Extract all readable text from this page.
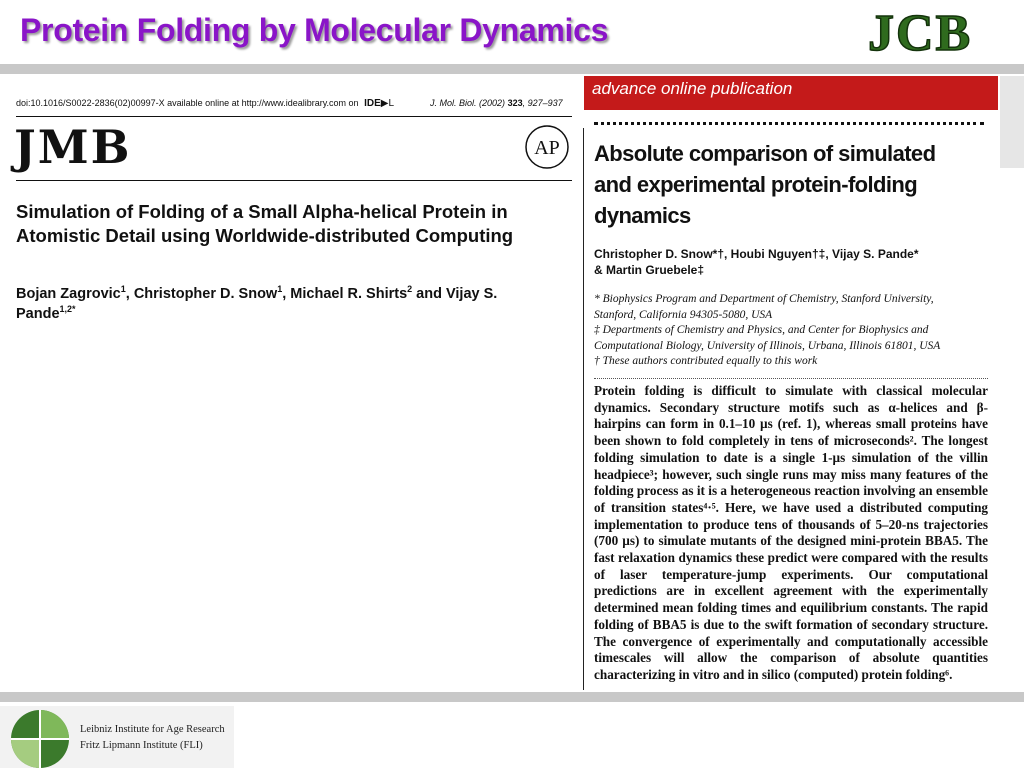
Protein Folding by Molecular Dynamics	JCB
doi:10.1016/S0022-2836(02)00997-X available online at http://www.idealibrary.com on IDE▶L	J. Mol. Biol. (2002) 323, 927–937
JMB	AP
Simulation of Folding of a Small Alpha-helical Protein in Atomistic Detail using Worldwide-distributed Computing
Bojan Zagrovic$^1$, Christopher D. Snow$^1$, Michael R. Shirts$^2$ and Vijay S. Pande$^{1,2*}$
advance online publication
Absolute comparison of simulated and experimental protein-folding dynamics
Christopher D. Snow*†, Houbi Nguyen†‡, Vijay S. Pande*
& Martin Gruebele‡
* Biophysics Program and Department of Chemistry, Stanford University,
Stanford, California 94305-5080, USA
‡ Departments of Chemistry and Physics, and Center for Biophysics and
Computational Biology, University of Illinois, Urbana, Illinois 61801, USA
† These authors contributed equally to this work
Protein folding is difficult to simulate with classical molecular dynamics. Secondary structure motifs such as α-helices and β-hairpins can form in 0.1–10 µs (ref. 1), whereas small proteins have been shown to fold completely in tens of microseconds². The longest folding simulation to date is a single 1-µs simulation of the villin headpiece³; however, such single runs may miss many features of the folding process as it is a heterogeneous reaction involving an ensemble of transition states⁴·⁵. Here, we have used a distributed computing implementation to produce tens of thousands of 5–20-ns trajectories (700 µs) to simulate mutants of the designed mini-protein BBA5. The fast relaxation dynamics these predict were compared with the results of laser temperature-jump experiments. Our computational predictions are in excellent agreement with the experimentally determined mean folding times and equilibrium constants. The rapid folding of BBA5 is due to the swift formation of secondary structure. The convergence of experimentally and computationally accessible timescales will allow the comparison of absolute quantities characterizing in vitro and in silico (computed) protein folding⁶.
Leibniz Institute for Age Research
Fritz Lipmann Institute (FLI)
